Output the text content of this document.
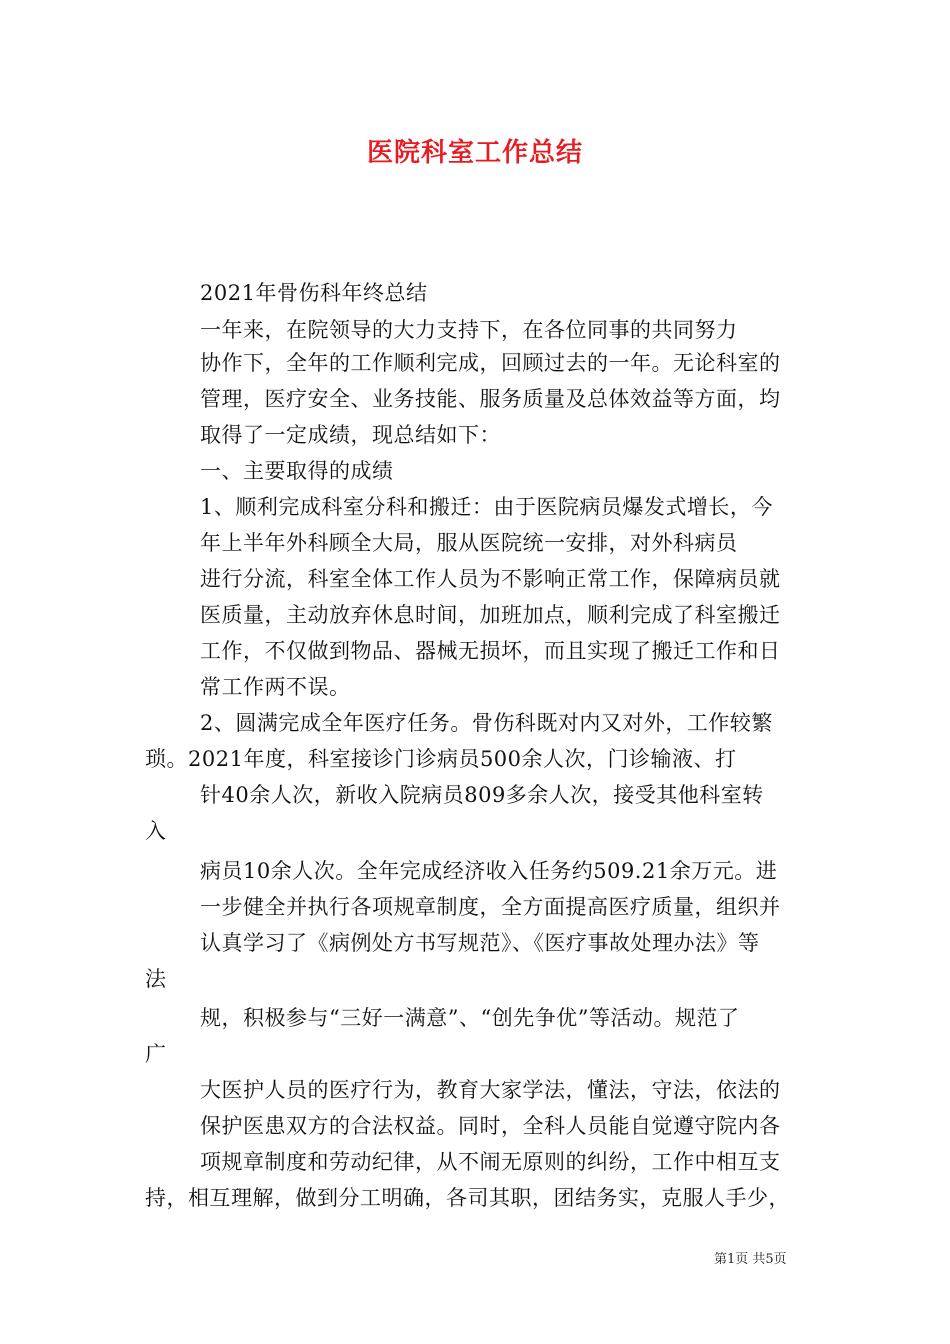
医院科室工作总结
2021年骨伤科年终总结
一年来，在院领导的大力支持下，在各位同事的共同努力
协作下，全年的工作顺利完成，回顾过去的一年。无论科室的
管理，医疗安全、业务技能、服务质量及总体效益等方面，均
取得了一定成绩，现总结如下：
一、主要取得的成绩
1、顺利完成科室分科和搬迁：由于医院病员爆发式增长，今
年上半年外科顾全大局，服从医院统一安排，对外科病员
进行分流，科室全体工作人员为不影响正常工作，保障病员就
医质量，主动放弃休息时间，加班加点，顺利完成了科室搬迁
工作，不仅做到物品、器械无损坏，而且实现了搬迁工作和日
常工作两不误。
2、圆满完成全年医疗任务。骨伤科既对内又对外，工作较繁
琐。2021年度，科室接诊门诊病员500余人次，门诊输液、打
针40余人次，新收入院病员809多余人次，接受其他科室转
入
病员10余人次。全年完成经济收入任务约509.21余万元。进
一步健全并执行各项规章制度，全方面提高医疗质量，组织并
认真学习了《病例处方书写规范》、《医疗事故处理办法》等
法
规，积极参与“三好一满意”、“创先争优”等活动。规范了
广
大医护人员的医疗行为，教育大家学法，懂法，守法，依法的
保护医患双方的合法权益。同时，全科人员能自觉遵守院内各
项规章制度和劳动纪律，从不闹无原则的纠纷，工作中相互支
持，相互理解，做到分工明确，各司其职，团结务实，克服人手少，
第1页 共5页
